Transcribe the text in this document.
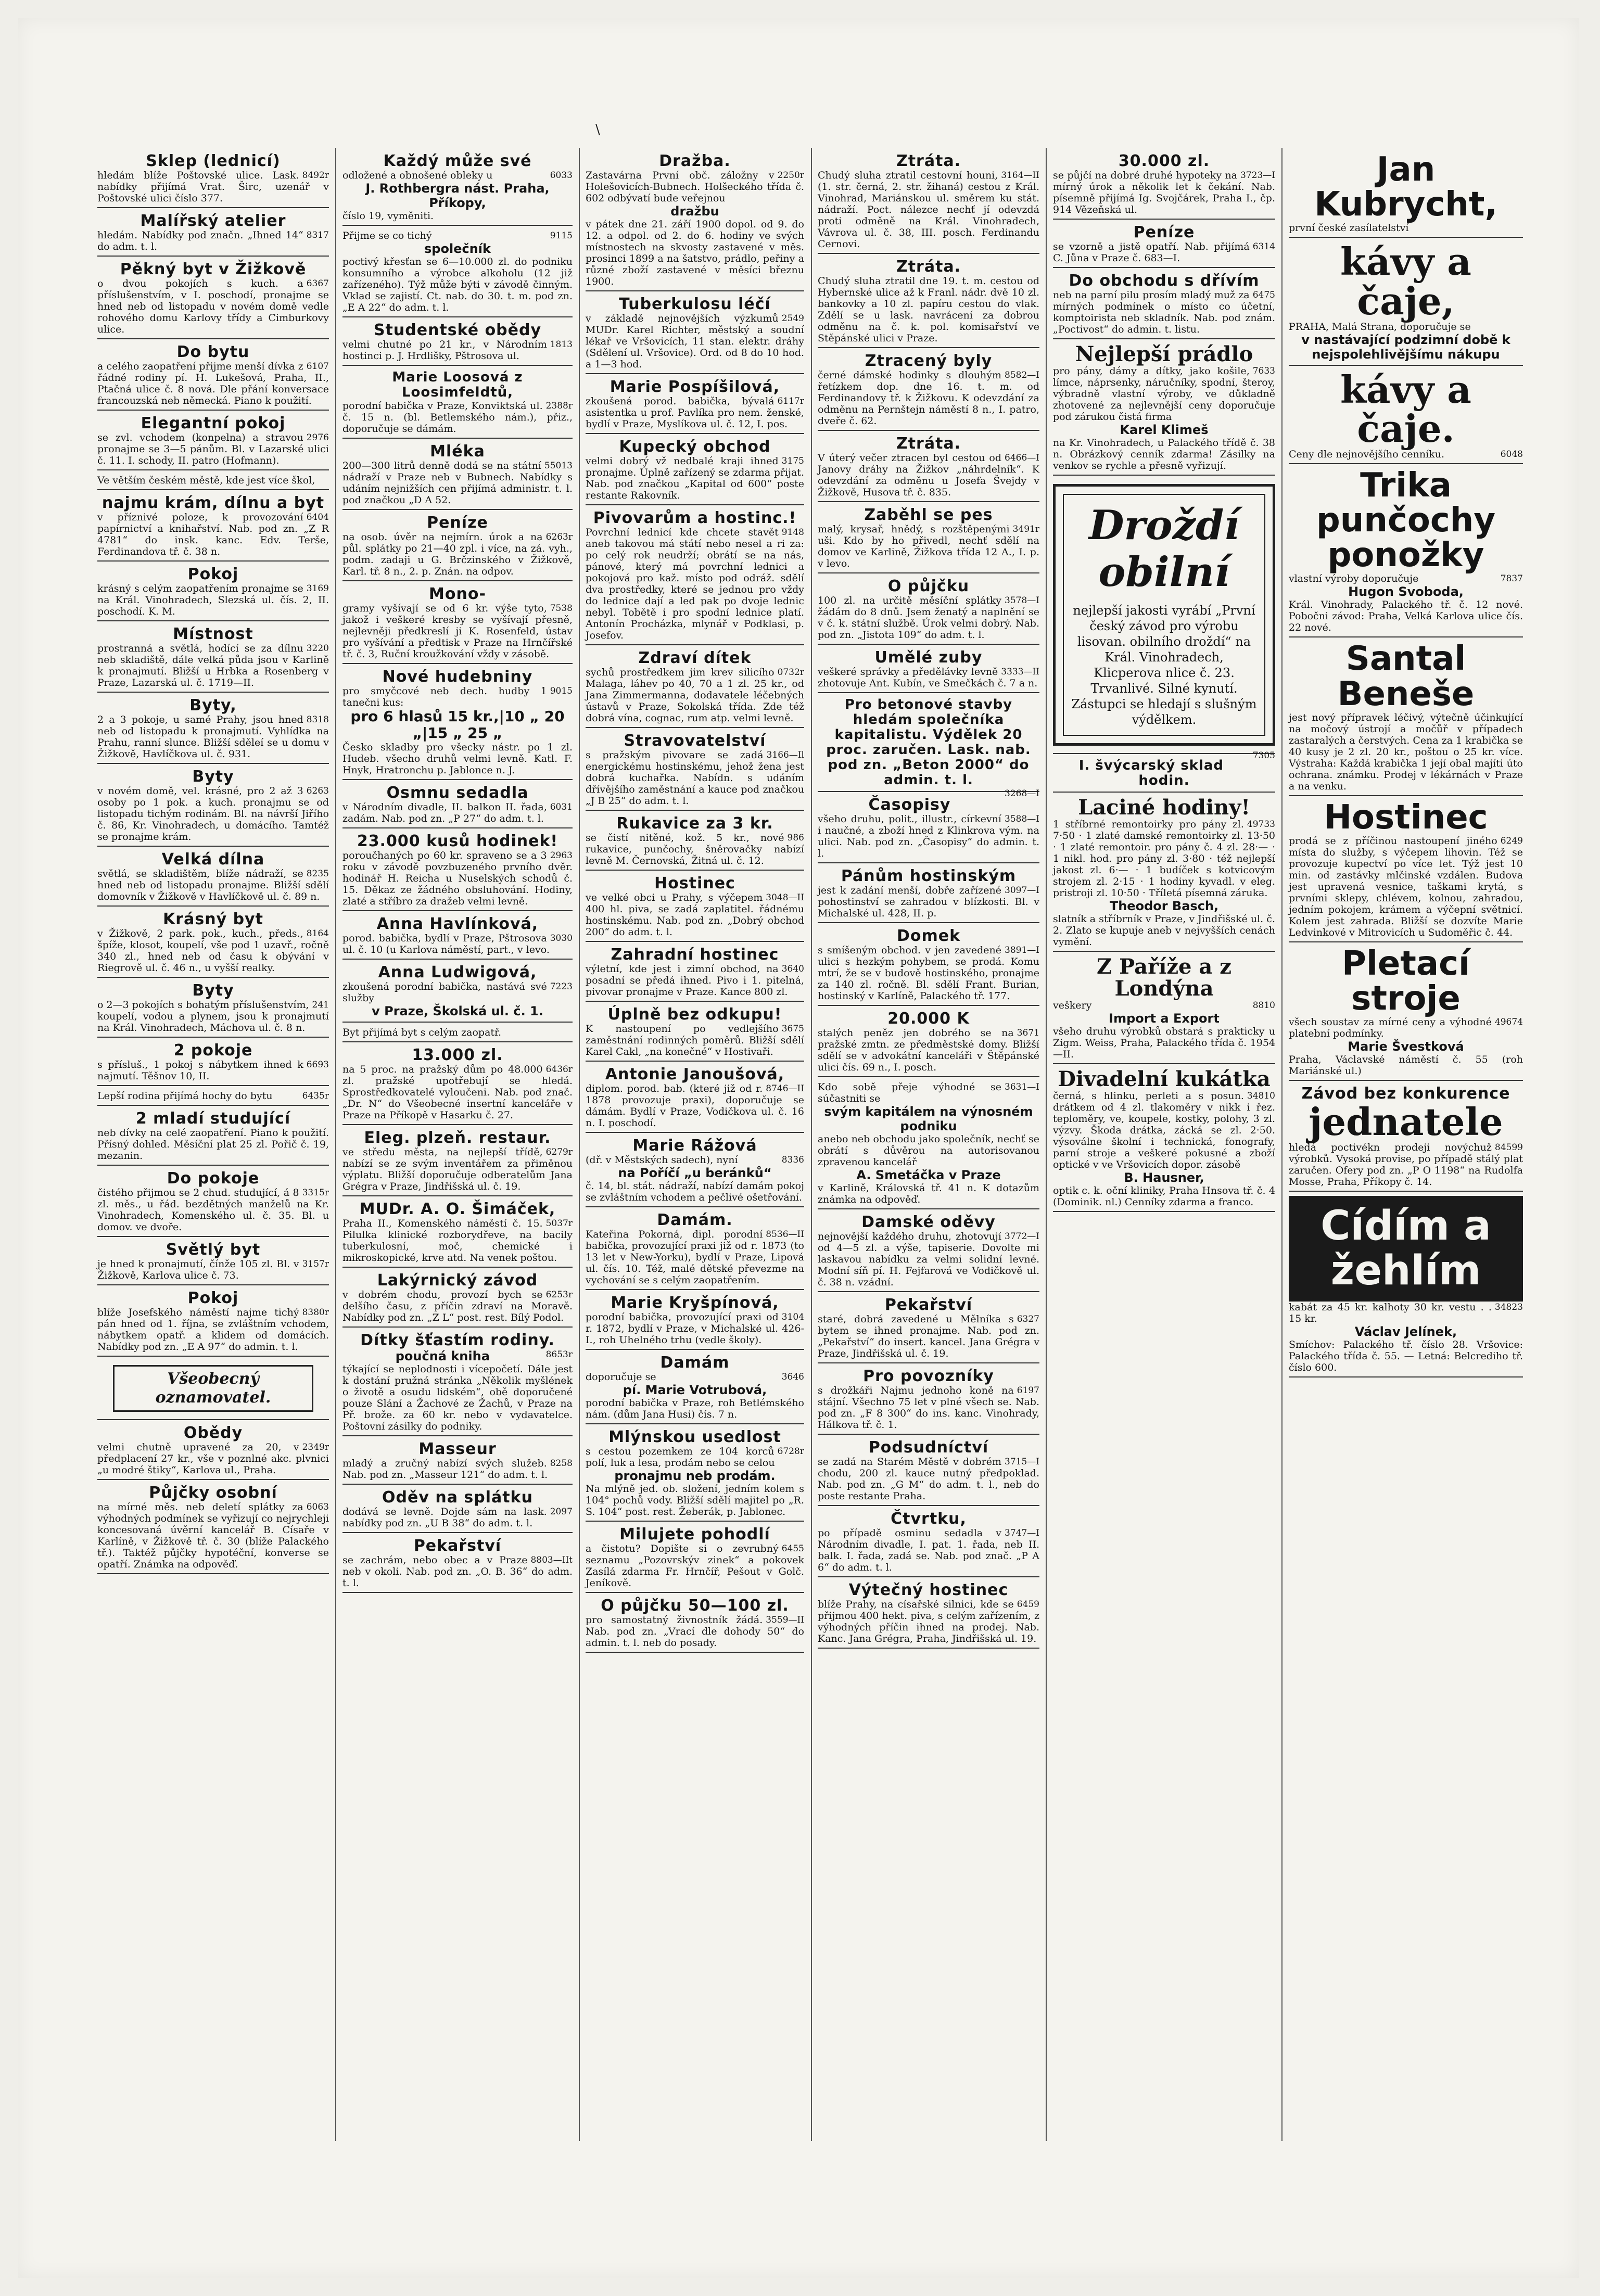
\
Sklep (lednicí)
8492r
hledám blíže Poštovské ulice. Lask. nabídky přijímá Vrat. Širc, uzenář v Poštovské ulici číslo 377.
Malířský atelier
8317
hledám. Nabídky pod značn. „Ihned 14“ do adm. t. l.
Pěkný byt v Žižkově
6367
o dvou pokojích s kuch. a příslušenstvím, v I. poschodí, pronajme se hned neb od listopadu v novém domě vedle rohového domu Karlovy třídy a Cimburkovy ulice.
Do bytu
6107
a celého zaopatření přijme menší dívka z řádné rodiny pí. H. Lukešová, Praha, II., Ptačná ulice č. 8 nová. Dle přání konversace francouzská neb německá. Piano k použití.
Elegantní pokoj
2976
se zvl. vchodem (konpelna) a stravou pronajme se 3—5 pánům. Bl. v Lazarské ulici č. 11. I. schody, II. patro (Hofmann).
Ve větším českém městě, kde jest více škol,
najmu krám, dílnu a byt
6404
v příznivé poloze, k provozování papírnictví a knihařství. Nab. pod zn. „Z R 4781“ do insk. kanc. Edv. Terše, Ferdinandova tř. č. 38 n.
Pokoj
3169
krásný s celým zaopatřením pronajme se na Král. Vinohradech, Slezská ul. čís. 2, II. poschodí. K. M.
Místnost
3220
prostranná a světlá, hodící se za dílnu neb skladiště, dále velká půda jsou v Karlině k pronajmutí. Bližší u Hrbka a Rosenberg v Praze, Lazarská ul. č. 1719—II.
Byty,
8318
2 a 3 pokoje, u samé Prahy, jsou hned neb od listopadu k pronajmutí. Vyhlídka na Prahu, ranní slunce. Bližší sděleí se u domu v Žižkově, Havlíčkova ul. č. 931.
Byty
6263
v novém domě, vel. krásné, pro 2 až 3 osoby po 1 pok. a kuch. pronajmu se od listopadu tichým rodinám. Bl. na návrší Jiřího č. 86, Kr. Vinohradech, u domácího. Tamtéž se pronajme krám.
Velká dílna
8235
světlá, se skladištěm, blíže nádraží, se hned neb od listopadu pronajme. Bližší sdělí domovník v Žižkově v Havlíčkově ul. č. 89 n.
Krásný byt
8164
v Žižkově, 2 park. pok., kuch., předs., špíže, klosot, koupelí, vše pod 1 uzavř., ročně 340 zl., hned neb od času k obývání v Riegrově ul. č. 46 n., u vyšší realky.
Byty
241
o 2—3 pokojích s bohatým příslušenstvím, koupelí, vodou a plynem, jsou k pronajmutí na Král. Vinohradech, Máchova ul. č. 8 n.
2 pokoje
6693
s přísluš., 1 pokoj s nábytkem ihned k najmutí. Těšnov 10, II.
6435r
Lepší rodina přijímá hochy do bytu
2 mladí studující
neb dívky na celé zaopatření. Piano k použití. Přísný dohled. Měsíční plat 25 zl. Pořič č. 19, mezanin.
Do pokoje
3315r
čistého přijmou se 2 chud. studující, á 8 zl. měs., u řád. bezdětných manželů na Kr. Vinohradech, Komenského ul. č. 35. Bl. u domov. ve dvoře.
Světlý byt
3157r
je hned k pronajmutí, čínže 105 zl. Bl. v Žižkově, Karlova ulice č. 73.
Pokoj
8380r
blíže Josefského náměstí najme tichý pán hned od 1. října, se zvláštním vchodem, nábytkem opatř. a klidem od domácích. Nabídky pod zn. „E A 97“ do admin. t. l.
Všeobecný oznamovatel.
Obědy
2349r
velmi chutně upravené za 20, v předplacení 27 kr., vše v poznlné akc. plvnici „u modré štiky“, Karlova ul., Praha.
Půjčky osobní
6063
na mírné měs. neb deletí splátky za výhodných podmínek se vyřizují co nejrychleji koncesovaná úvěrní kancelář B. Císaře v Karlíně, v Žižkově tř. č. 30 (blíže Palackého tř.). Taktéž půjčky hypotéční, konverse se opatří. Známka na odpověď.
Každý může své
6033
odložené a obnošené obleky u
J. Rothbergra nást. Praha, Příkopy,
číslo 19, vyměniti.
9115
Přijme se co tichý
společník
poctivý křesťan se 6—10.000 zl. do podniku konsumního a výrobce alkoholu (12 již zařízeného). Týž může býti v závodě činným. Vklad se zajistí. Ct. nab. do 30. t. m. pod zn. „E A 22“ do adm. t. l.
Studentské obědy
1813
velmi chutné po 21 kr., v Národním hostinci p. J. Hrdlišky, Pštrosova ul.
Marie Loosová z Loosimfeldtů,
2388r
porodní babička v Praze, Konviktská ul. č. 15 n. (bl. Betlemského nám.), přiz., doporučuje se dámám.
Mléka
55013
200—300 litrů denně dodá se na státní nádraží v Praze neb v Bubnech. Nabídky s udáním nejnižších cen přijímá administr. t. l. pod značkou „D A 52.
Peníze
6263r
na osob. úvěr na nejmírn. úrok a na půl. splátky po 21—40 zpl. i více, na zá. vyh., podm. zadaji u G. Brčzinského v Žižkově, Karl. tř. 8 n., 2. p. Znán. na odpov.
Mono-
7538
gramy vyšívají se od 6 kr. výše tyto, jakož i veškeré kresby se vyšívají přesně, nejlevněji předkreslí ji K. Rosenfeld, ústav pro vyšívání a předtisk v Praze na Hrnčířské tř. č. 3, Ruční kroužkování vždy v zásobě.
Nové hudebniny
9015
pro smyčcové neb dech. hudby 1 tanečni kus:
pro 6 hlasů 15 kr.,|10 „ 20 „|15 „ 25 „
Česko skladby pro všecky nástr. po 1 zl. Hudeb. všecho druhů velmi levně. Katl. F. Hnyk, Hratronchu p. Jablonce n. J.
Osmnu sedadla
6031
v Národním divadle, II. balkon II. řada, zadám. Nab. pod zn. „P 27“ do adm. t. l.
23.000 kusů hodinek!
2963
poroučhaných po 60 kr. spraveno se a 3 roku v závodě povzbuzeného prvního dvěr. hodinář H. Reicha u Nuselských schodů č. 15. Děkaz ze žádného obsluhování. Hodiny, zlaté a stříbro za dražeb velmi levně.
Anna Havlínková,
3030
porod. babička, bydlí v Praze, Pštrosova ul. č. 10 (u Karlova náměstí, part., v levo.
Anna Ludwigová,
7223
zkoušená porodní babička, nastává své služby
v Praze, Školská ul. č. 1.
Byt přijímá byt s celým zaopatř.
13.000 zl.
6436r
na 5 proc. na pražský dům po 48.000 zl. pražské upotřebují se hledá. Sprostředkovatelé vyloučeni. Nab. pod znač. „Dr. N“ do Všeobecné insertní kanceláře v Praze na Příkopě v Hasarku č. 27.
Eleg. plzeň. restaur.
6279r
ve středu města, na nejlepší třídě, nabízí se ze svým inventářem za přiměnou výplatu. Bližší doporučuje odberatelům Jana Grégra v Praze, Jindřišská ul. č. 19.
MUDr. A. O. Šimáček,
5037r
Praha II., Komenského náměstí č. 15. Pilulka klinické rozborydřeve, na bacily tuberkulosní, moč, chemické i mikroskopické, krve atd. Na venek poštou.
Lakýrnický závod
6253r
v dobrém chodu, provozí bych se delšího času, z příčin zdraví na Moravě. Nabídky pod zn. „Z L“ post. rest. Bílý Podol.
Dítky šťastím rodiny.
8653r
poučná kniha
týkající se neplodnosti i vícepočetí. Dále jest k dostání pružná stránka „Několik myšlének o životě a osudu lidském“, obě doporučené pouze Slání a Žachové ze Žachů, v Praze na Př. brože. za 60 kr. nebo v vydavatelce. Poštovní zásilky do podniky.
Masseur
8258
mladý a zručný nabízí svých služeb. Nab. pod zn. „Masseur 121“ do adm. t. l.
Oděv na splátku
2097
dodává se levně. Dojde sám na lask. nabídky pod zn. „U B 38“ do adm. t. l.
Pekařství
8803—IIt
se zachrám, nebo obec a v Praze neb v okoli. Nab. pod zn. „O. B. 36“ do adm. t. l.
Dražba.
2250r
Zastavárna První obč. záložny v Holešovicích-Bubnech. Holšeckého třída č. 602 odbývatí bude veřejnou
dražbu
v pátek dne 21. září 1900 dopol. od 9. do 12. a odpol. od 2. do 6. hodiny ve svých místnostech na skvosty zastavené v měs. prosinci 1899 a na šatstvo, prádlo, peřiny a různé zboží zastavené v měsíci březnu 1900.
Tuberkulosu léčí
2549
v základě nejnovějších výzkumů MUDr. Karel Richter, městský a soudní lékař ve Vršovicích, 11 stan. elektr. dráhy (Sdělení ul. Vršovice). Ord. od 8 do 10 hod. a 1—3 hod.
Marie Pospíšilová,
6117r
zkoušená porod. babička, bývalá asistentka u prof. Pavlíka pro nem. ženské, bydlí v Praze, Myslíkova ul. č. 12, I. pos.
Kupecký obchod
3175
velmi dobrý vž nedbalé kraji ihned pronajme. Úplně zařízený se zdarma přijat. Nab. pod značkou „Kapital od 600“ poste restante Rakovník.
Pivovarům a hostinc.!
9148
Povrchní lednicí kde chcete stavět aneb takovou má státí nebo nesel a ri za: po celý rok neudrží; obrátí se na nás, pánové, který má povrchní lednici a pokojová pro kaž. místo pod odráž. sdělí dva prostředky, které se jednou pro vždy do lednice dají a led pak po dvoje lednic nebyl. Tobětě i pro spodní lednice platí. Antonín Procházka, mlynář v Podklasi, p. Josefov.
Zdraví dítek
0732r
sychů prostředkem jim krev silicího Malaga, láhev po 40, 70 a 1 zl. 25 kr., od Jana Zimmermanna, dodavatele léčebných ústavů v Praze, Sokolská třída. Zde též dobrá vína, cognac, rum atp. velmi levně.
Stravovatelství
3166—Il
s pražským pivovare se zadá energickému hostinskému, jehož žena jest dobrá kuchařka. Nabídn. s udáním dřívějšího zaměstnání a kauce pod značkou „J B 25“ do adm. t. l.
Rukavice za 3 kr.
986
se čistí nitěné, kož. 5 kr., nové rukavice, punčochy, šněrovačky nabízí levně M. Černovská, Žitná ul. č. 12.
Hostinec
3048—II
ve velké obci u Prahy, s výčepem 400 hl. piva, se zadá zaplatitel. řádnému hostinskému. Nab. pod zn. „Dobrý obchod 200“ do adm. t. l.
Zahradní hostinec
3640
výletní, kde jest i zimní obchod, na posadní se předá ihned. Pivo i 1. pitelná, pivovar pronajme v Praze. Kance 800 zl.
Úplně bez odkupu!
3675
K nastoupení po vedlejšího zaměstnání rodinných poměrů. Bližší sdělí Karel Cakl, „na konečné“ v Hostivaři.
Antonie Janoušová,
8746—II
diplom. porod. bab. (které již od r. 1878 provozuje praxi), doporučuje se dámám. Bydlí v Praze, Vodičkova ul. č. 16 n. I. poschodí.
Marie Rážová
8336
(dř. v Městských sadech), nyní
na Poříčí „u beránků“
č. 14, bl. stát. nádraží, nabízí damám pokoj se zvláštním vchodem a pečlivé ošetřování.
Damám.
8536—II
Kateřina Pokorná, dipl. porodní babička, provozující praxi již od r. 1873 (to 13 let v New-Yorku), bydlí v Praze, Lipová ul. čís. 10. Též, malé dětské převezme na vychování se s celým zaopatřením.
Marie Kryšpínová,
3104
porodní babička, provozující praxi od r. 1872, bydlí v Praze, v Michalské ul. 426-I., roh Uhelného trhu (vedle školy).
Damám
3646
doporučuje se
pí. Marie Votrubová,
porodní babička v Praze, roh Betlémského nám. (dům Jana Husi) čís. 7 n.
Mlýnskou usedlost
6728r
s cestou pozemkem ze 104 korců polí, luk a lesa, prodám nebo se celou
pronajmu neb prodám.
Na mlýně jed. ob. složení, jedním kolem s 104° pochů vody. Bližší sdělí majitel po „R. S. 104“ post. rest. Žeberák, p. Jablonec.
Milujete pohodlí
6455
a čistotu? Dopište si o zevrubný seznamu „Pozovrskýv zinek“ a pokovek Zasílá zdarma Fr. Hrnčíř, Pešout v Golč. Jeníkově.
O půjčku 50—100 zl.
3559—II
pro samostatný živnostník žádá. Nab. pod zn. „Vrací dle dohody 50“ do admin. t. l. neb do posady.
Ztráta.
3164—II
Chudý sluha ztratil cestovní houni, (1. str. černá, 2. str. žihaná) cestou z Král. Vinohrad, Mariánskou ul. směrem ku stát. nádraží. Poct. nálezce nechť jí odevzdá proti odměně na Král. Vinohradech, Vávrova ul. č. 38, III. posch. Ferdinandu Cernovi.
Ztráta.
Chudý sluha ztratil dne 19. t. m. cestou od Hybernské ulice až k Franl. nádr. dvě 10 zl. bankovky a 10 zl. papíru cestou do vlak. Zdělí se u lask. navrácení za dobrou odměnu na č. k. pol. komisařství ve Stěpánské ulici v Praze.
Ztracený byly
8582—I
černé dámské hodinky s dlouhým řetízkem dop. dne 16. t. m. od Ferdinandovy tř. k Žižkovu. K odevzdání za odměnu na Pernštejn náměstí 8 n., I. patro, dveře č. 62.
Ztráta.
6466—I
V úterý večer ztracen byl cestou od Janovy dráhy na Žižkov „náhrdelník“. K odevzdání za odměnu u Josefa Švejdy v Žižkově, Husova tř. č. 835.
Zaběhl se pes
3491r
malý, krysař, hnědý, s rozštěpenými uši. Kdo by ho přivedl, nechť sdělí na domov ve Karlině, Žižkova třída 12 A., I. p. v levo.
O půjčku
3578—I
100 zl. na určitě měsíční splátky žádám do 8 dnů. Jsem ženatý a naplnění se v č. k. státní službě. Úrok velmi dobrý. Nab. pod zn. „Jistota 109“ do adm. t. l.
Umělé zuby
3333—II
veškeré správky a předělávky levně zhotovuje Ant. Kubín, ve Smečkách č. 7 a n.
Pro betonové stavby hledám společníka kapitalistu. Výdělek 20 proc. zaručen. Lask. nab. pod zn. „Beton 2000“ do admin. t. l.
3268—I
Časopisy
3588—I
všeho druhu, polit., illustr., církevní i naučné, a zboží hned z Klinkrova vým. na ulici. Nab. pod zn. „Časopisy“ do admin. t. l.
Pánům hostinským
3097—I
jest k zadání menší, dobře zařízené pohostinství se zahradou v blízkosti. Bl. v Michalské ul. 428, II. p.
Domek
3891—I
s smíšeným obchod. v jen zavedené ulici s hezkým pohybem, se prodá. Komu mtrí, že se v budově hostinského, pronajme za 140 zl. ročně. Bl. sdělí Frant. Burian, hostinský v Karlíně, Palackého tř. 177.
20.000 K
3671
stalých peněz jen dobrého se na pražské zmtn. ze předměstské domy. Bližší sdělí se v advokátní kanceláři v Štěpánské ulici čís. 69 n., I. posch.
3631—I
Kdo sobě přeje výhodné se súčastniti se
svým kapitálem na výnosném podniku
anebo neb obchodu jako společník, nechť se obrátí s důvěrou na autorisovanou zpravenou kancelář
A. Smetáčka v Praze
v Karlině, Královská tř. 41 n. K dotazům známka na odpověď.
Damské oděvy
3772—I
nejnovější každého druhu, zhotovují od 4—5 zl. a výše, tapiserie. Dovolte mi laskavou nabídku za velmi solidní levné. Modní síň pí. H. Fejfarová ve Vodičkově ul. č. 38 n. vzádní.
Pekařství
6327
staré, dobrá zavedené u Mělníka s bytem se ihned pronajme. Nab. pod zn. „Pekařství“ do insert. kancel. Jana Grégra v Praze, Jindřišská ul. č. 19.
Pro povozníky
6197
s drožkáři Najmu jednoho koně na stájní. Všechno 75 let v plné všech se. Nab. pod zn. „F 8 300“ do ins. kanc. Vinohrady, Hálkova tř. č. 1.
Podsudníctví
3715—I
se zadá na Starém Městě v dobrém chodu, 200 zl. kauce nutný předpoklad. Nab. pod zn. „G M“ do adm. t. l., neb do poste restante Praha.
Čtvrtku,
3747—I
po případě osminu sedadla v Národním divadle, I. pat. 1. řada, neb II. balk. I. řada, zadá se. Nab. pod znač. „P A 6“ do adm. t. l.
Výtečný hostinec
6459
blíže Prahy, na císařské silnici, kde se přijmou 400 hekt. piva, s celým zařízením, z výhodných příčin ihned na prodej. Nab. Kanc. Jana Grégra, Praha, Jindřišská ul. 19.
30.000 zl.
3723—I
se půjčí na dobré druhé hypoteky na mírný úrok a několik let k čekání. Nab. písemně přijímá Ig. Svojčárek, Praha I., čp. 914 Vězeňská ul.
Peníze
6314
se vzorně a jistě opatří. Nab. přijímá C. Jůna v Praze č. 683—I.
Do obchodu s dřívím
6475
neb na parní pilu prosím mladý muž za mírných podmínek o místo co účetní, komptoirista neb skladník. Nab. pod znám. „Poctivost“ do admin. t. listu.
Nejlepší prádlo
7633
pro pány, dámy a dítky, jako košile, límce, náprsenky, náručníky, spodní, šteroy, výbradně vlastní výroby, ve důkladně zhotovené za nejlevnější ceny doporučuje pod zárukou čistá firma
Karel Klimeš
na Kr. Vinohradech, u Palackého třídě č. 38 n. Obrázkový cenník zdarma! Zásilky na venkov se rychle a přesně vyřizují.
Droždí obilní
nejlepší jakosti vyrábí „První český závod pro výrobu lisovan. obilního droždí“ na Král. Vinohradech, Klicperova nlice č. 23. Trvanlivé. Silné kynutí. Zástupci se hledají s slušným výdělkem.
7305
I. švýcarský sklad hodin.
Laciné hodiny!
49733
1 stříbrné remontoirky pro pány zl. 7·50 · 1 zlaté damské remontoirky zl. 13·50 · 1 zlaté remontoir. pro pány č. 4 zl. 28·— · 1 nikl. hod. pro pány zl. 3·80 · též nejlepší jakost zl. 6·— · 1 budíček s kotvicovým strojem zl. 2·15 · 1 hodiny kyvadl. v eleg. pristroji zl. 10·50 · Tříletá písemná záruka.
Theodor Basch,
slatník a stříbrník v Praze, v Jindřišské ul. č. 2. Zlato se kupuje aneb v nejvyšších cenách vymění.
Z Paříže a z Londýna
8810
veškery
Import a Export
všeho druhu výrobků obstará s prakticky u Zigm. Weiss, Praha, Palackého třída č. 1954—II.
Divadelní kukátka
34810
černá, s hlinku, perleti a s posun. drátkem od 4 zl. tlakoměry v nikk i řez. teploměry, ve, koupele, kostky, polohy, 3 zl. výzvy. Škoda drátka, zácká se zl. 2·50. výsoválne školní i technická, fonografy, parní stroje a veškeré pokusné a zboží optické v ve Vršovicích dopor. zásobě
B. Hausner,
optik c. k. oční kliniky, Praha Hnsova tř. č. 4 (Dominik. nl.) Cenníky zdarma a franco.
Jan Kubrycht,
první české zasílatelství
kávy a čaje,
PRAHA, Malá Strana, doporučuje se
v nastávající podzimní době k nejspolehlivějšímu nákupu
kávy a čaje.
6048
Ceny dle nejnovějšího cenníku.
Trika punčochy ponožky
7837
vlastní výroby doporučuje
Hugon Svoboda,
Král. Vinohrady, Palackého tř. č. 12 nové. Pobočni závod: Praha, Velká Karlova ulice čís. 22 nové.
Santal Beneše
jest nový přípravek léčivý, výtečně účinkující na močový ústrojí a močůř v případech zastaralých a čerstvých. Cena za 1 krabička se 40 kusy je 2 zl. 20 kr., poštou o 25 kr. více. Výstraha: Každá krabička 1 její obal majíti úto ochrana. známku. Prodej v lékárnách v Praze a na venku.
Hostinec
6249
prodá se z příčinou nastoupení jiného místa do služby, s výčepem lihovin. Též se provozuje kupectví po více let. Týž jest 10 min. od zastávky mlčinské vzdálen. Budova jest upravená vesnice, taškami krytá, s prvními sklepy, chlévem, kolnou, zahradou, jedním pokojem, krámem a výčepní světnicí. Kolem jest zahrada. Bližší se dozvíte Marie Ledvinkové v Mitrovicích u Sudoměřic č. 44.
Pletací stroje
49674
všech soustav za mírné ceny a výhodné platební podmínky.
Marie Švestková
Praha, Václavské náměstí č. 55 (roh Mariánské ul.)
Závod bez konkurence
jednatele
84599
hledá poctivékn prodeji novýchuž výrobků. Vysoká provise, po případě stálý plat zaručen. Ofery pod zn. „P O 1198“ na Rudolfa Mosse, Praha, Příkopy č. 14.
Cídím a žehlím
34823
kabát za 45 kr. kalhoty 30 kr. vestu . . 15 kr.
Václav Jelínek,
Smíchov: Palackého tř. číslo 28. Vršovice: Palackého třída č. 55. — Letná: Belcrediho tř. číslo 600.
